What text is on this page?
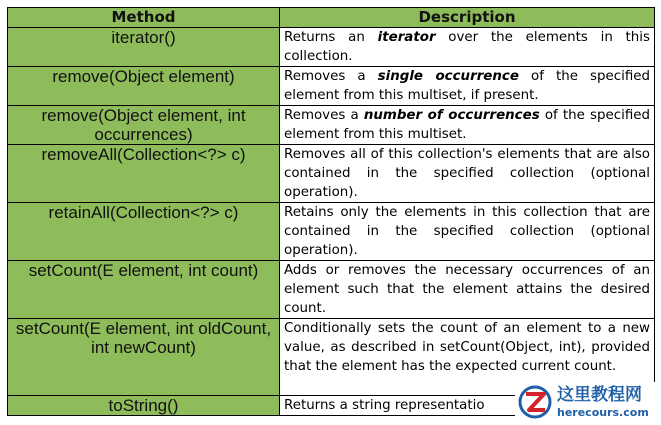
Method	Description
iterator()	Returns an iterator over the elements in this collection.
remove(Object element)	Removes a single occurrence of the specified element from this multiset, if present.
remove(Object element, int occurrences)	Removes a number of occurrences of the specified element from this multiset.
removeAll(Collection<?> c)	Removes all of this collection's elements that are also contained in the specified collection (optional operation).
retainAll(Collection<?> c)	Retains only the elements in this collection that are contained in the specified collection (optional operation).
setCount(E element, int count)	Adds or removes the necessary occurrences of an element such that the element attains the desired count.
setCount(E element, int oldCount, int newCount)	Conditionally sets the count of an element to a new value, as described in setCount(Object, int), provided that the element has the expected current count.
toString()	Returns a string representatio
这里教程网
herecours.com
